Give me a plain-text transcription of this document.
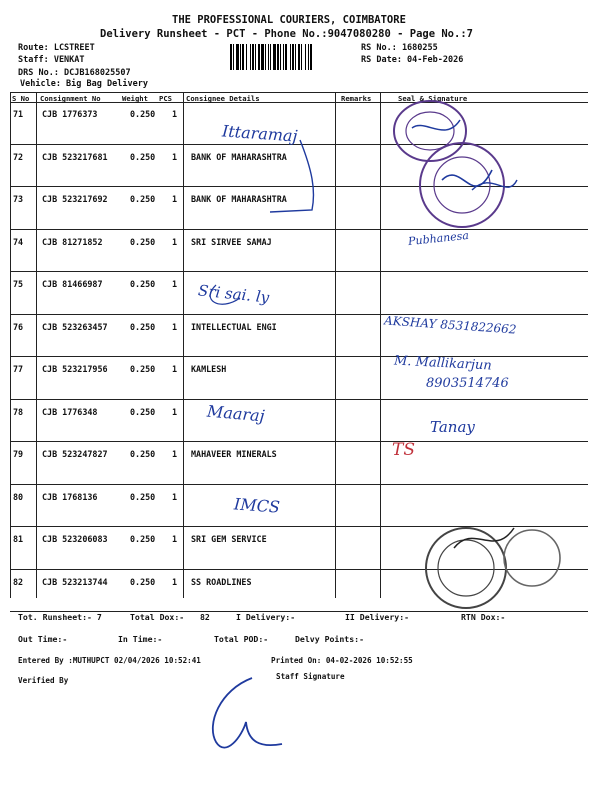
THE PROFESSIONAL COURIERS, COIMBATORE
Delivery Runsheet - PCT - Phone No.:9047080280 - Page No.:7
Route: LCSTREET
Staff: VENKAT
DRS No.: DCJB168025507
Vehicle: Big Bag Delivery
RS No.: 1680255
RS Date: 04-Feb-2026
S No Consignment No	Weight PCS Consignee Details	Remarks	Seal & Signature
71 CJB 1776373	0.250 1
72 CJB 523217681	0.250 1 BANK OF MAHARASHTRA
73 CJB 523217692	0.250 1 BANK OF MAHARASHTRA
74 CJB 81271852	0.250 1 SRI SIRVEE SAMAJ
75 CJB 81466987	0.250 1
76 CJB 523263457	0.250 1 INTELLECTUAL ENGI
77 CJB 523217956	0.250 1 KAMLESH
78 CJB 1776348	0.250 1
79 CJB 523247827	0.250 1 MAHAVEER MINERALS
80 CJB 1768136	0.250 1
81 CJB 523206083	0.250 1 SRI GEM SERVICE
82 CJB 523213744	0.250 1 SS ROADLINES
Ittaramaj
Sri sai. ly
Maaraj
IMCS
Pubhanesa
AKSHAY 8531822662
M. Mallikarjun
8903514746
Tanay
TS
Tot. Runsheet:- 7	Total Dox:- 82	I Delivery:-	II Delivery:-	RTN Dox:-
Out Time:-	In Time:-	Total POD:-	Delvy Points:-
Entered By :MUTHUPCT 02/04/2026 10:52:41	Printed On: 04-02-2026 10:52:55
Verified By	Staff Signature
